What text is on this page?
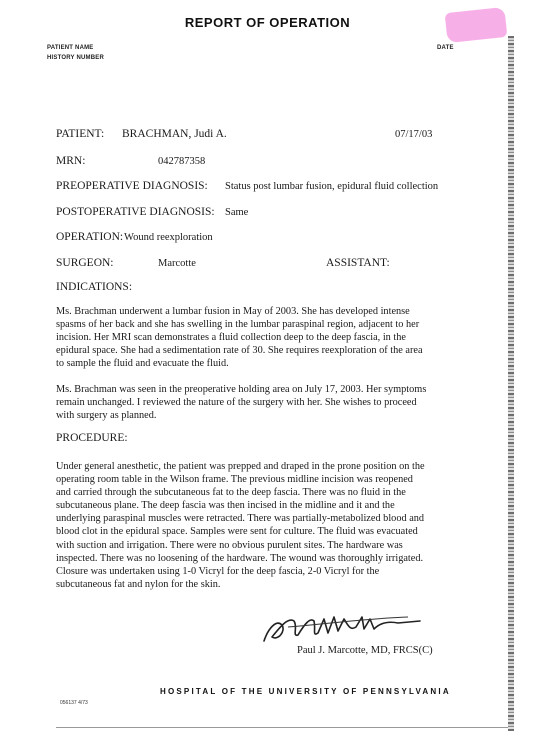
REPORT OF OPERATION
PATIENT NAME
HISTORY NUMBER
DATE
PATIENT: BRACHMAN, Judi A.	07/17/03
MRN:	042787358
PREOPERATIVE DIAGNOSIS: Status post lumbar fusion, epidural fluid collection
POSTOPERATIVE DIAGNOSIS: Same
OPERATION: Wound reexploration
SURGEON:	Marcotte	ASSISTANT:
INDICATIONS:
Ms. Brachman underwent a lumbar fusion in May of 2003. She has developed intense
spasms of her back and she has swelling in the lumbar paraspinal region, adjacent to her
incision. Her MRI scan demonstrates a fluid collection deep to the deep fascia, in the
epidural space. She had a sedimentation rate of 30. She requires reexploration of the area
to sample the fluid and evacuate the fluid.
Ms. Brachman was seen in the preoperative holding area on July 17, 2003. Her symptoms
remain unchanged. I reviewed the nature of the surgery with her. She wishes to proceed
with surgery as planned.
PROCEDURE:
Under general anesthetic, the patient was prepped and draped in the prone position on the
operating room table in the Wilson frame. The previous midline incision was reopened
and carried through the subcutaneous fat to the deep fascia. There was no fluid in the
subcutaneous plane. The deep fascia was then incised in the midline and it and the
underlying paraspinal muscles were retracted. There was partially-metabolized blood and
blood clot in the epidural space. Samples were sent for culture. The fluid was evacuated
with suction and irrigation. There were no obvious purulent sites. The hardware was
inspected. There was no loosening of the hardware. The wound was thoroughly irrigated.
Closure was undertaken using 1-0 Vicryl for the deep fascia, 2-0 Vicryl for the
subcutaneous fat and nylon for the skin.
Paul J. Marcotte, MD, FRCS(C)
HOSPITAL OF THE UNIVERSITY OF PENNSYLVANIA
056137 4/73
